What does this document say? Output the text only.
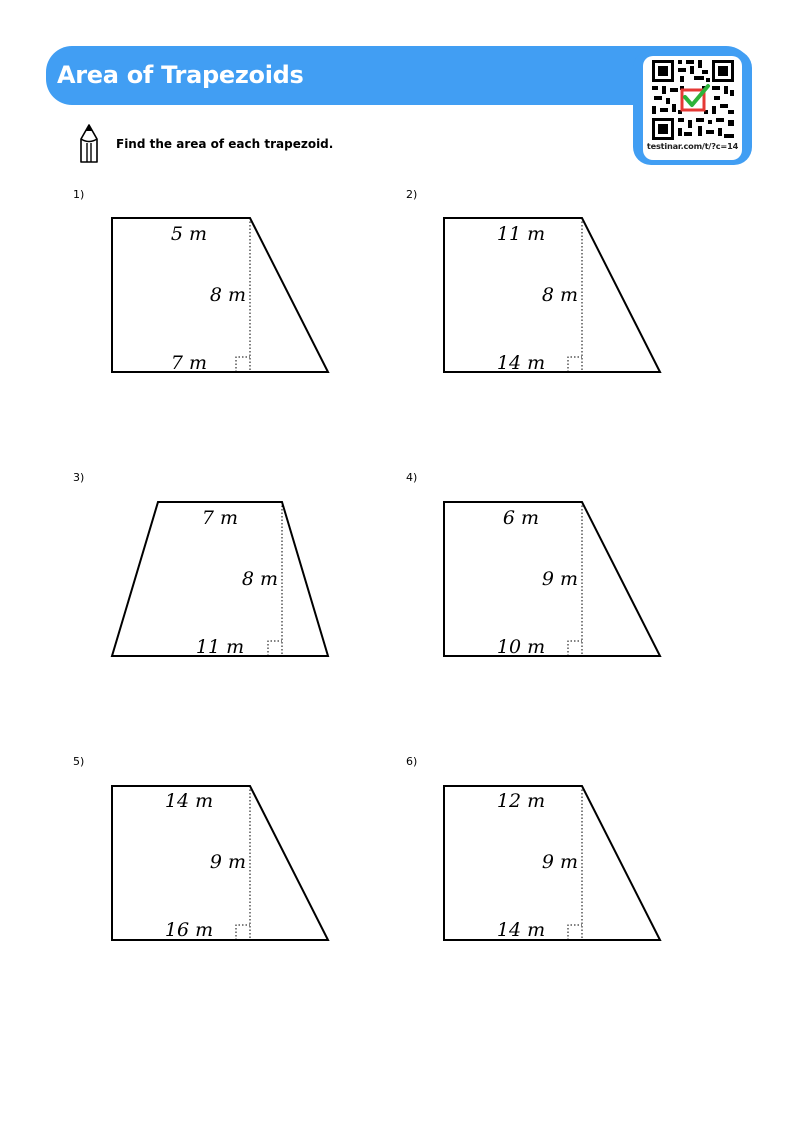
Area of Trapezoids
testinar.com/t/?c=14
Find the area of each trapezoid.
1)	2)
3)	4)
5)	6)
5 m
8 m
7 m
11 m
8 m
14 m
7 m
8 m
11 m
6 m
9 m
10 m
14 m
9 m
16 m
12 m
9 m
14 m
